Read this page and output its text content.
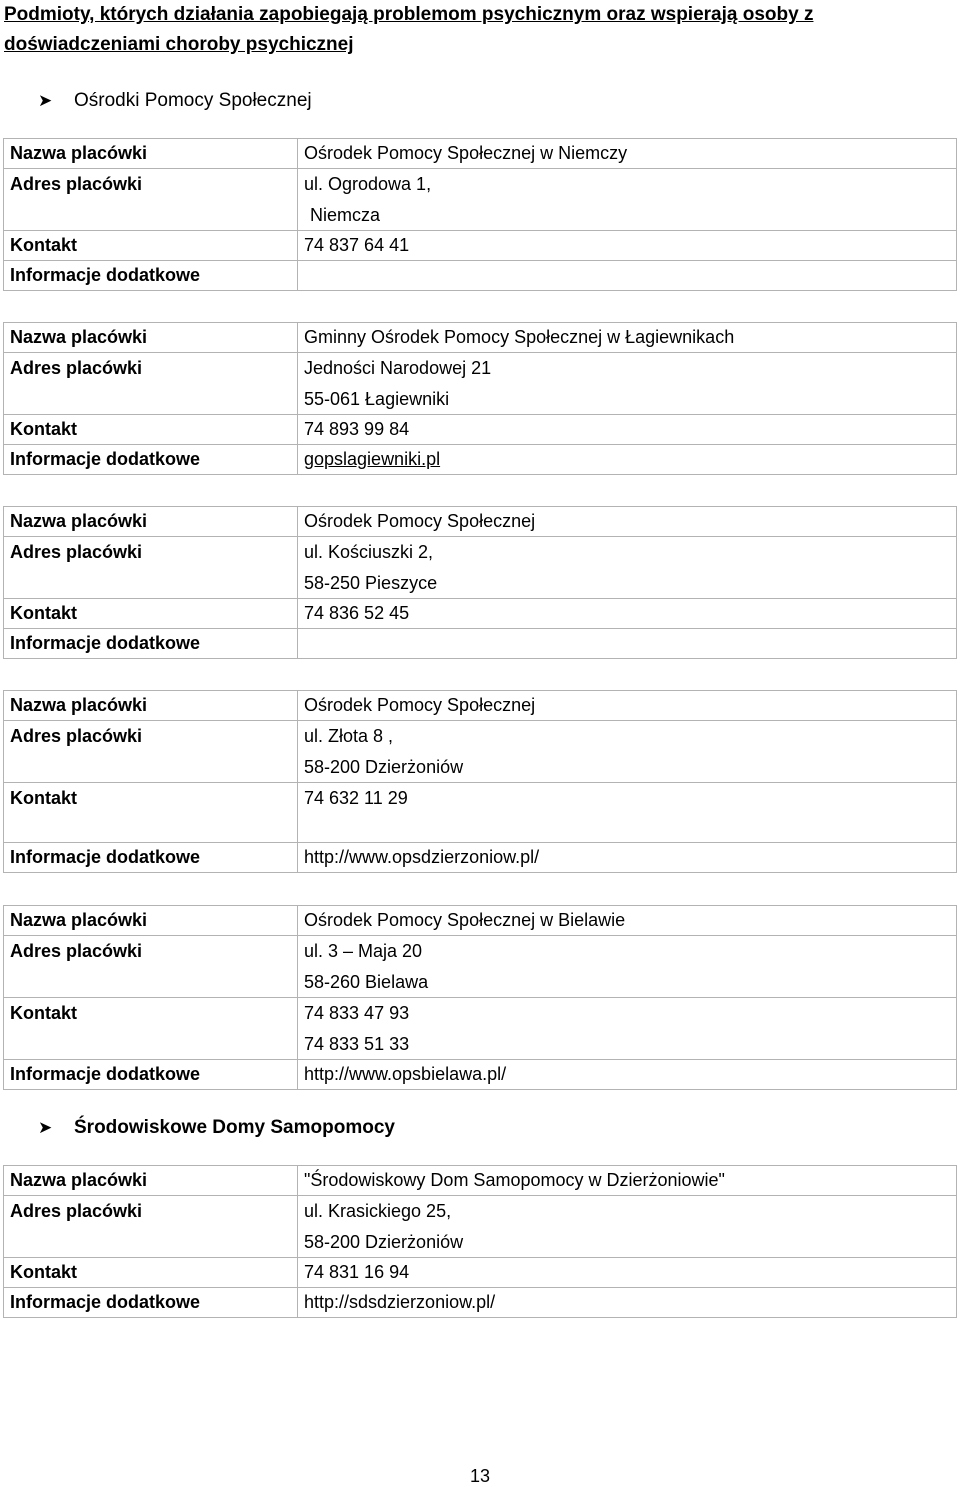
Podmioty, których działania zapobiegają problemom psychicznym oraz wspierają osoby z doświadczeniami choroby psychicznej
➤	Ośrodki Pomocy Społecznej
Nazwa placówki	Ośrodek Pomocy Społecznej w Niemczy
Adres placówki	ul. Ogrodowa 1,
Niemcza

Kontakt	74 837 64 41
Informacje dodatkowe	
Nazwa placówki	Gminny Ośrodek Pomocy Społecznej w Łagiewnikach
Adres placówki	Jedności Narodowej 21
55-061 Łagiewniki

Kontakt	74 893 99 84
Informacje dodatkowe	gopslagiewniki.pl
Nazwa placówki	Ośrodek Pomocy Społecznej
Adres placówki	ul. Kościuszki 2,
58-250 Pieszyce

Kontakt	74 836 52 45
Informacje dodatkowe	
Nazwa placówki	Ośrodek Pomocy Społecznej
Adres placówki	ul. Złota 8 ,
58-200 Dzierżoniów

Kontakt	74 632 11 29

Informacje dodatkowe	http://www.opsdzierzoniow.pl/
Nazwa placówki	Ośrodek Pomocy Społecznej w Bielawie
Adres placówki	ul. 3 – Maja 20
58-260 Bielawa

Kontakt	74 833 47 93
74 833 51 33

Informacje dodatkowe	http://www.opsbielawa.pl/
➤	Środowiskowe Domy Samopomocy
Nazwa placówki	"Środowiskowy Dom Samopomocy w Dzierżoniowie"
Adres placówki	ul. Krasickiego 25,
58-200 Dzierżoniów

Kontakt	74 831 16 94
Informacje dodatkowe	http://sdsdzierzoniow.pl/
13
